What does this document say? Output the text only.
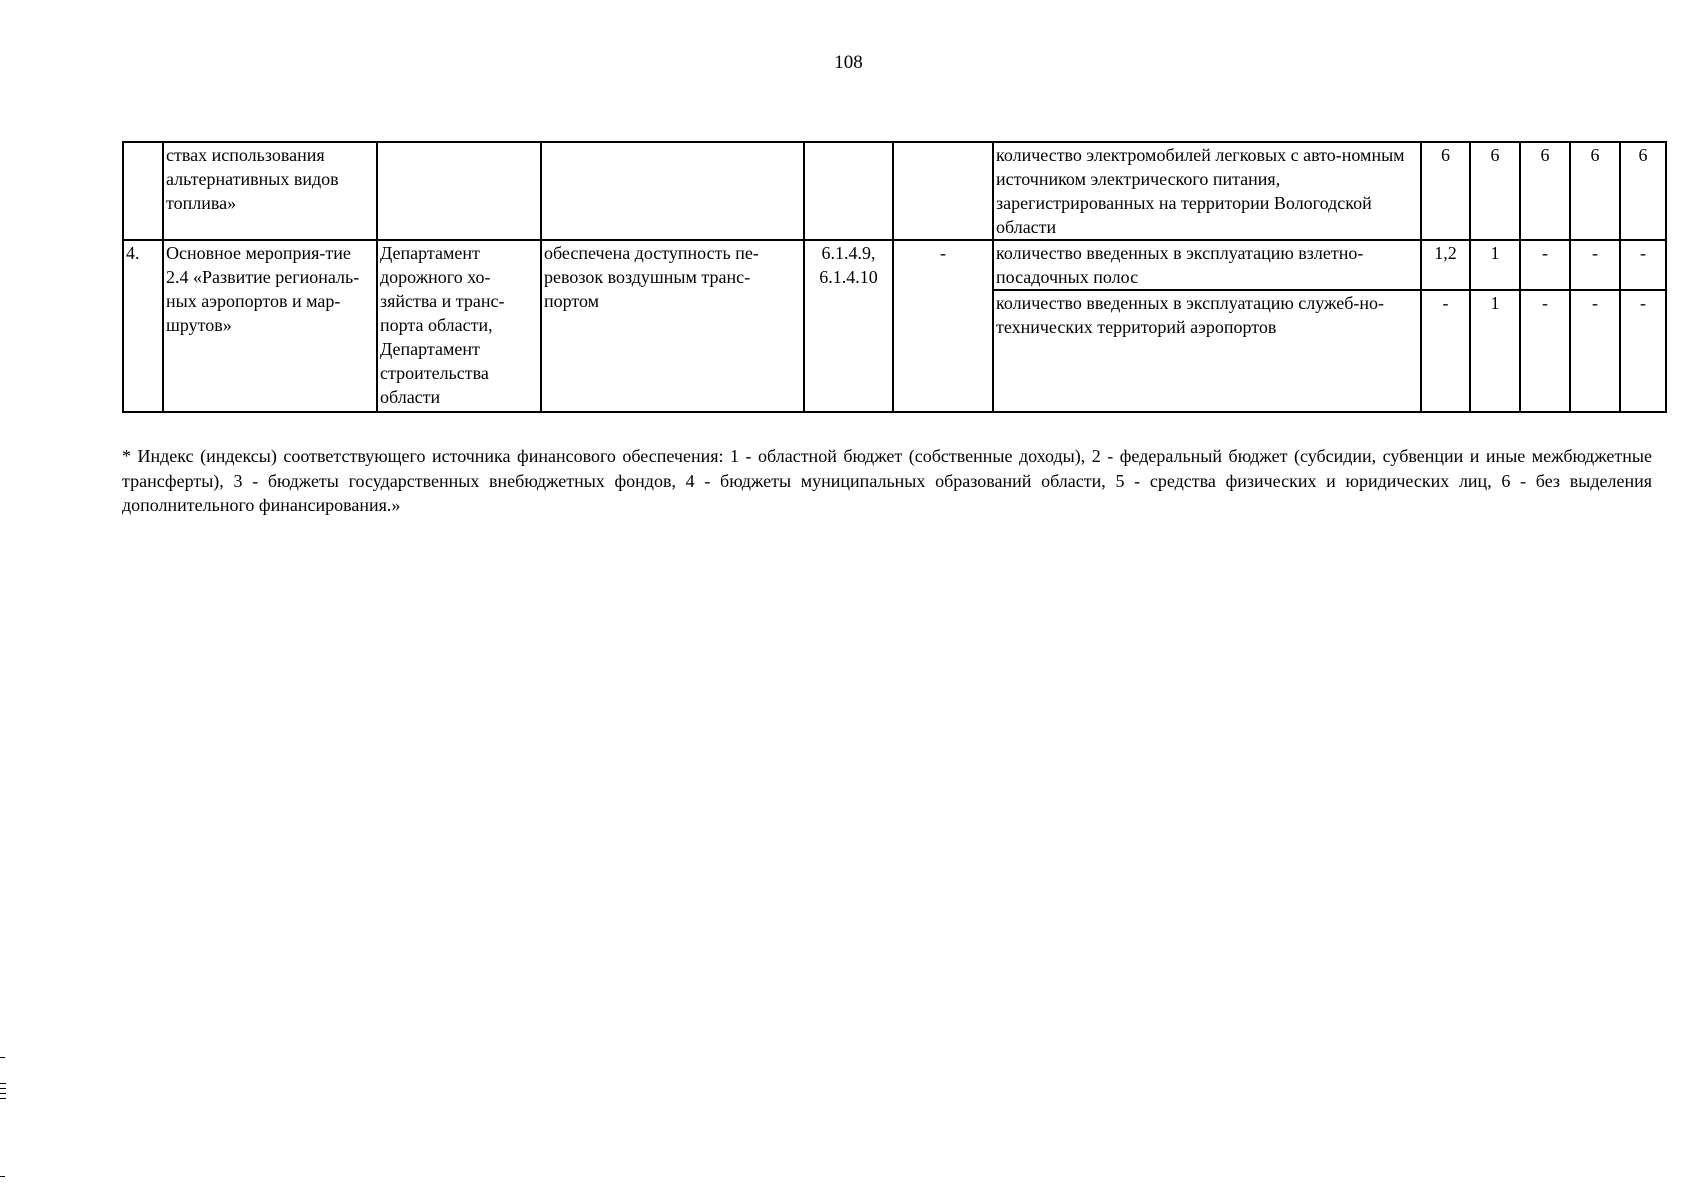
108
	ствах использования альтернативных видов топлива»					количество электромобилей легковых с авто-номным источником электрического питания, зарегистрированных на территории Вологодской области	6	6	6	6	6
4.	Основное мероприя-тие 2.4 «Развитие региональ-ных аэропортов и мар-шрутов»	Департамент дорожного хо-зяйства и транс-порта области, Департамент строительства области	обеспечена доступность пе-ревозок воздушным транс-портом	6.1.4.9, 6.1.4.10	-	количество введенных в эксплуатацию взлетно-посадочных полос	1,2	1	-	-	-
						количество введенных в эксплуатацию служеб-но-технических территорий аэропортов	-	1	-	-	-
* Индекс (индексы) соответствующего источника финансового обеспечения: 1 - областной бюджет (собственные доходы), 2 - федеральный бюджет (субсидии, субвенции и иные межбюджетные трансферты), 3 - бюджеты государственных внебюджетных фондов, 4 - бюджеты муниципальных образований области, 5 - средства физических и юридических лиц, 6 - без выделения дополнительного финансирования.»
